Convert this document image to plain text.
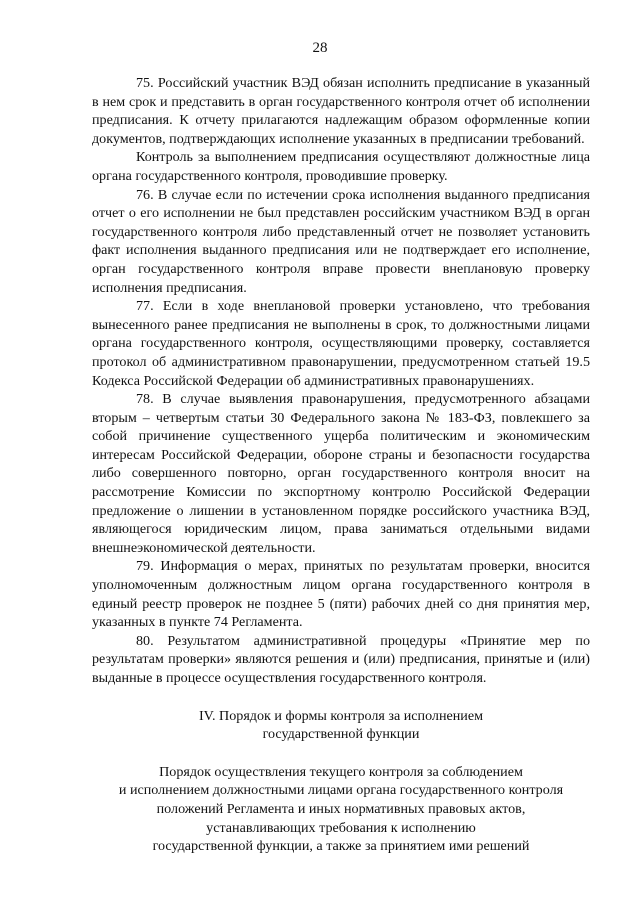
28

75. Российский участник ВЭД обязан исполнить предписание в указанный в нем срок и представить в орган государственного контроля отчет об исполнении предписания. К отчету прилагаются надлежащим образом оформленные копии документов, подтверждающих исполнение указанных в предписании требований.

Контроль за выполнением предписания осуществляют должностные лица органа государственного контроля, проводившие проверку.

76. В случае если по истечении срока исполнения выданного предписания отчет о его исполнении не был представлен российским участником ВЭД в орган государственного контроля либо представленный отчет не позволяет установить факт исполнения выданного предписания или не подтверждает его исполнение, орган государственного контроля вправе провести внеплановую проверку исполнения предписания.

77. Если в ходе внеплановой проверки установлено, что требования вынесенного ранее предписания не выполнены в срок, то должностными лицами органа государственного контроля, осуществляющими проверку, составляется протокол об административном правонарушении, предусмотренном статьей 19.5 Кодекса Российской Федерации об административных правонарушениях.

78. В случае выявления правонарушения, предусмотренного абзацами вторым – четвертым статьи 30 Федерального закона № 183-ФЗ, повлекшего за собой причинение существенного ущерба политическим и экономическим интересам Российской Федерации, обороне страны и безопасности государства либо совершенного повторно, орган государственного контроля вносит на рассмотрение Комиссии по экспортному контролю Российской Федерации предложение о лишении в установленном порядке российского участника ВЭД, являющегося юридическим лицом, права заниматься отдельными видами внешнеэкономической деятельности.

79. Информация о мерах, принятых по результатам проверки, вносится уполномоченным должностным лицом органа государственного контроля в единый реестр проверок не позднее 5 (пяти) рабочих дней со дня принятия мер, указанных в пункте 74 Регламента.

80. Результатом административной процедуры «Принятие мер по результатам проверки» являются решения и (или) предписания, принятые и (или) выданные в процессе осуществления государственного контроля.

IV. Порядок и формы контроля за исполнением
государственной функции
Порядок осуществления текущего контроля за соблюдением
и исполнением должностными лицами органа государственного контроля
положений Регламента и иных нормативных правовых актов,
устанавливающих требования к исполнению
государственной функции, а также за принятием ими решений
